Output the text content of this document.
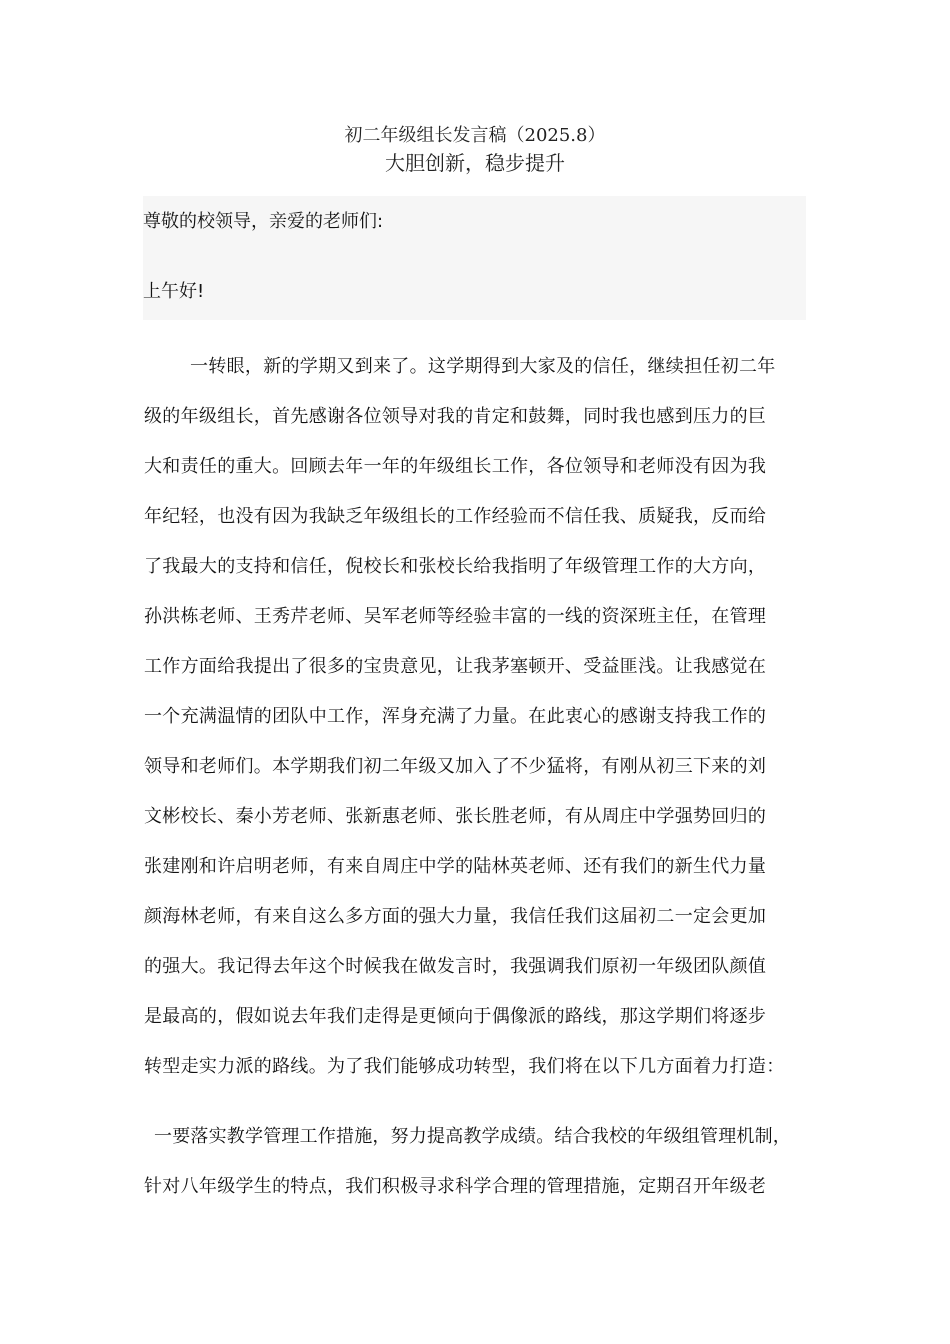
初二年级组长发言稿（2025.8）
大胆创新，稳步提升
尊敬的校领导，亲爱的老师们:
上午好!
一转眼，新的学期又到来了。这学期得到大家及的信任，继续担任初二年
级的年级组长，首先感谢各位领导对我的肯定和鼓舞，同时我也感到压力的巨
大和责任的重大。回顾去年一年的年级组长工作，各位领导和老师没有因为我
年纪轻，也没有因为我缺乏年级组长的工作经验而不信任我、质疑我，反而给
了我最大的支持和信任，倪校长和张校长给我指明了年级管理工作的大方向，
孙洪栋老师、王秀芹老师、吴军老师等经验丰富的一线的资深班主任，在管理
工作方面给我提出了很多的宝贵意见，让我茅塞顿开、受益匪浅。让我感觉在
一个充满温情的团队中工作，浑身充满了力量。在此衷心的感谢支持我工作的
领导和老师们。本学期我们初二年级又加入了不少猛将，有刚从初三下来的刘
文彬校长、秦小芳老师、张新惠老师、张长胜老师，有从周庄中学强势回归的
张建刚和许启明老师，有来自周庄中学的陆林英老师、还有我们的新生代力量
颜海林老师，有来自这么多方面的强大力量，我信任我们这届初二一定会更加
的强大。我记得去年这个时候我在做发言时，我强调我们原初一年级团队颜值
是最高的，假如说去年我们走得是更倾向于偶像派的路线，那这学期们将逐步
转型走实力派的路线。为了我们能够成功转型，我们将在以下几方面着力打造：
一要落实教学管理工作措施，努力提高教学成绩。结合我校的年级组管理机制，
针对八年级学生的特点，我们积极寻求科学合理的管理措施，定期召开年级老
